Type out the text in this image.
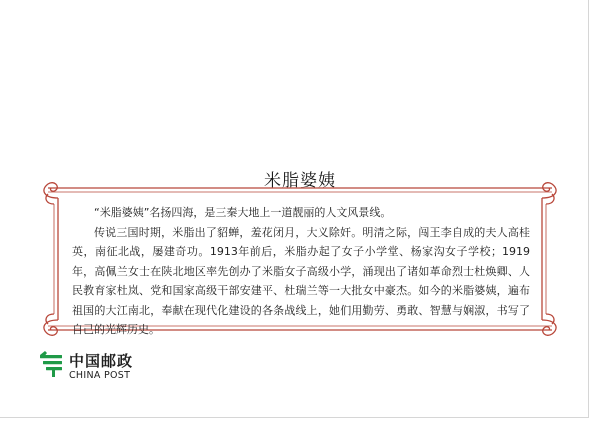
米脂婆姨

“米脂婆姨”名扬四海，是三秦大地上一道靓丽的人文风景线。

传说三国时期，米脂出了貂蝉，羞花闭月，大义除奸。明清之际，闯王李自成的夫人高桂英，南征北战，屡建奇功。1913年前后，米脂办起了女子小学堂、杨家沟女子学校；1919年，高佩兰女士在陕北地区率先创办了米脂女子高级小学，涌现出了诸如革命烈士杜焕卿、人民教育家杜岚、党和国家高级干部安建平、杜瑞兰等一大批女中豪杰。如今的米脂婆姨，遍布祖国的大江南北，奉献在现代化建设的各条战线上，她们用勤劳、勇敢、智慧与娴淑，书写了自己的光辉历史。

中国邮政
CHINA POST
